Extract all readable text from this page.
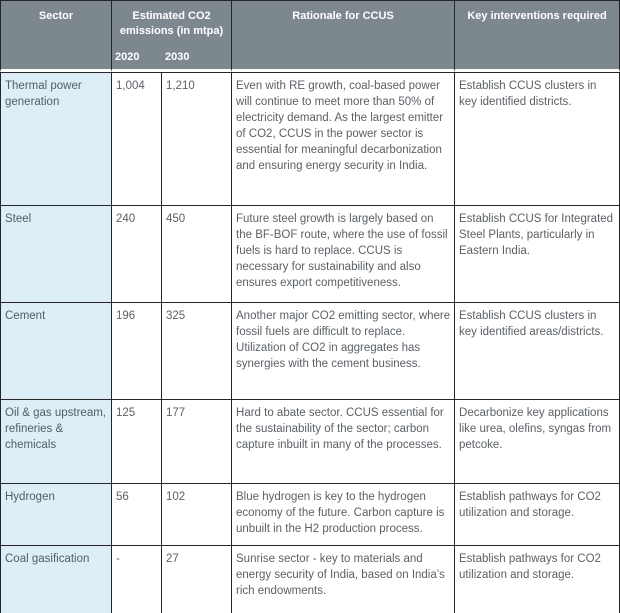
Sector	Estimated CO2 emissions (in mtpa)		Rationale for CCUS	Key interventions required
	2020	2030		
Thermal power generation	1,004	1,210	Even with RE growth, coal-based power will continue to meet more than 50% of electricity demand. As the largest emitter of CO2, CCUS in the power sector is essential for meaningful decarbonization and ensuring energy security in India.	Establish CCUS clusters in key identified districts.
Steel	240	450	Future steel growth is largely based on the BF-BOF route, where the use of fossil fuels is hard to replace. CCUS is necessary for sustainability and also ensures export competitiveness.	Establish CCUS for Integrated Steel Plants, particularly in Eastern India.
Cement	196	325	Another major CO2 emitting sector, where fossil fuels are difficult to replace. Utilization of CO2 in aggregates has synergies with the cement business.	Establish CCUS clusters in key identified areas/districts.
Oil & gas upstream, refineries & chemicals	125	177	Hard to abate sector. CCUS essential for the sustainability of the sector; carbon capture inbuilt in many of the processes.	Decarbonize key applications like urea, olefins, syngas from petcoke.
Hydrogen	56	102	Blue hydrogen is key to the hydrogen economy of the future. Carbon capture is unbuilt in the H2 production process.	Establish pathways for CO2 utilization and storage.
Coal gasification	-	27	Sunrise sector - key to materials and energy security of India, based on India’s rich endowments.	Establish pathways for CO2 utilization and storage.
